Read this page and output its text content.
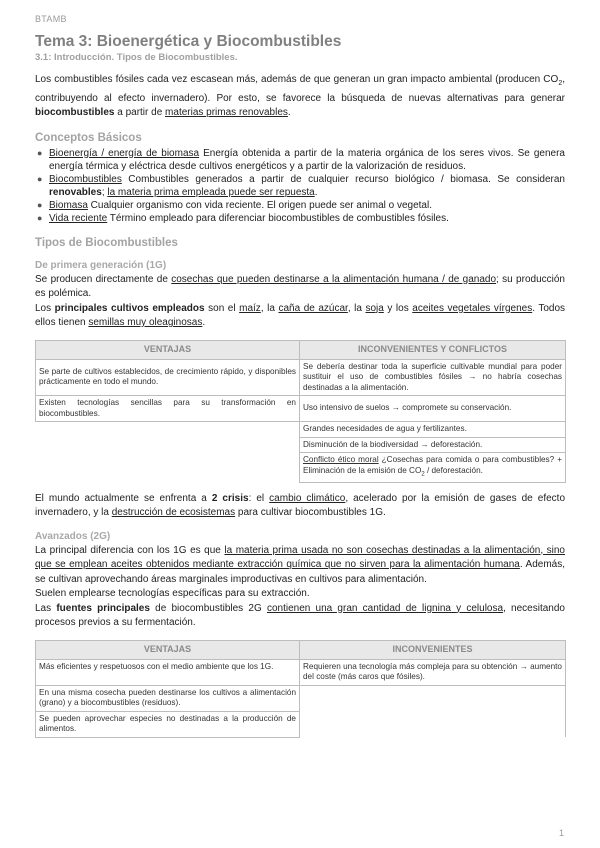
BTAMB
Tema 3: Bioenergética y Biocombustibles
3.1: Introducción. Tipos de Biocombustibles.

Los combustibles fósiles cada vez escasean más, además de que generan un gran impacto ambiental (producen $CO_2$, contribuyendo al efecto invernadero). Por esto, se favorece la búsqueda de nuevas alternativas para generar biocombustibles a partir de materias primas renovables.

Conceptos Básicos
● Bioenergía / energía de biomasa Energía obtenida a partir de la materia orgánica de los seres vivos. Se genera energía térmica y eléctrica desde cultivos energéticos y a partir de la valorización de residuos.
● Biocombustibles Combustibles generados a partir de cualquier recurso biológico / biomasa. Se consideran renovables; la materia prima empleada puede ser repuesta.
● Biomasa Cualquier organismo con vida reciente. El origen puede ser animal o vegetal.
● Vida reciente Término empleado para diferenciar biocombustibles de combustibles fósiles.
Tipos de Biocombustibles
De primera generación (1G)

Se producen directamente de cosechas que pueden destinarse a la alimentación humana / de ganado; su producción es polémica.

Los principales cultivos empleados son el maíz, la caña de azúcar, la soja y los aceites vegetales vírgenes. Todos ellos tienen semillas muy oleaginosas.

VENTAJAS	INCONVENIENTES Y CONFLICTOS
Se parte de cultivos establecidos, de crecimiento rápido, y disponibles prácticamente en todo el mundo.	Se debería destinar toda la superficie cultivable mundial para poder sustituir el uso de combustibles fósiles → no habría cosechas destinadas a la alimentación.
Existen tecnologías sencillas para su transformación en biocombustibles.	Uso intensivo de suelos → compromete su conservación.
	Grandes necesidades de agua y fertilizantes.
	Disminución de la biodiversidad → deforestación.
	Conflicto ético moral ¿Cosechas para comida o para combustibles? + Eliminación de la emisión de $CO_2$ / deforestación.

El mundo actualmente se enfrenta a 2 crisis: el cambio climático, acelerado por la emisión de gases de efecto invernadero, y la destrucción de ecosistemas para cultivar biocombustibles 1G.

Avanzados (2G)

La principal diferencia con los 1G es que la materia prima usada no son cosechas destinadas a la alimentación, sino que se emplean aceites obtenidos mediante extracción química que no sirven para la alimentación humana. Además, se cultivan aprovechando áreas marginales improductivas en cultivos para alimentación.

Suelen emplearse tecnologías específicas para su extracción.

Las fuentes principales de biocombustibles 2G contienen una gran cantidad de lignina y celulosa, necesitando procesos previos a su fermentación.

VENTAJAS	INCONVENIENTES
Más eficientes y respetuosos con el medio ambiente que los 1G.	Requieren una tecnología más compleja para su obtención → aumento del coste (más caros que fósiles).
En una misma cosecha pueden destinarse los cultivos a alimentación (grano) y a biocombustibles (residuos).	
Se pueden aprovechar especies no destinadas a la producción de alimentos.	
1
